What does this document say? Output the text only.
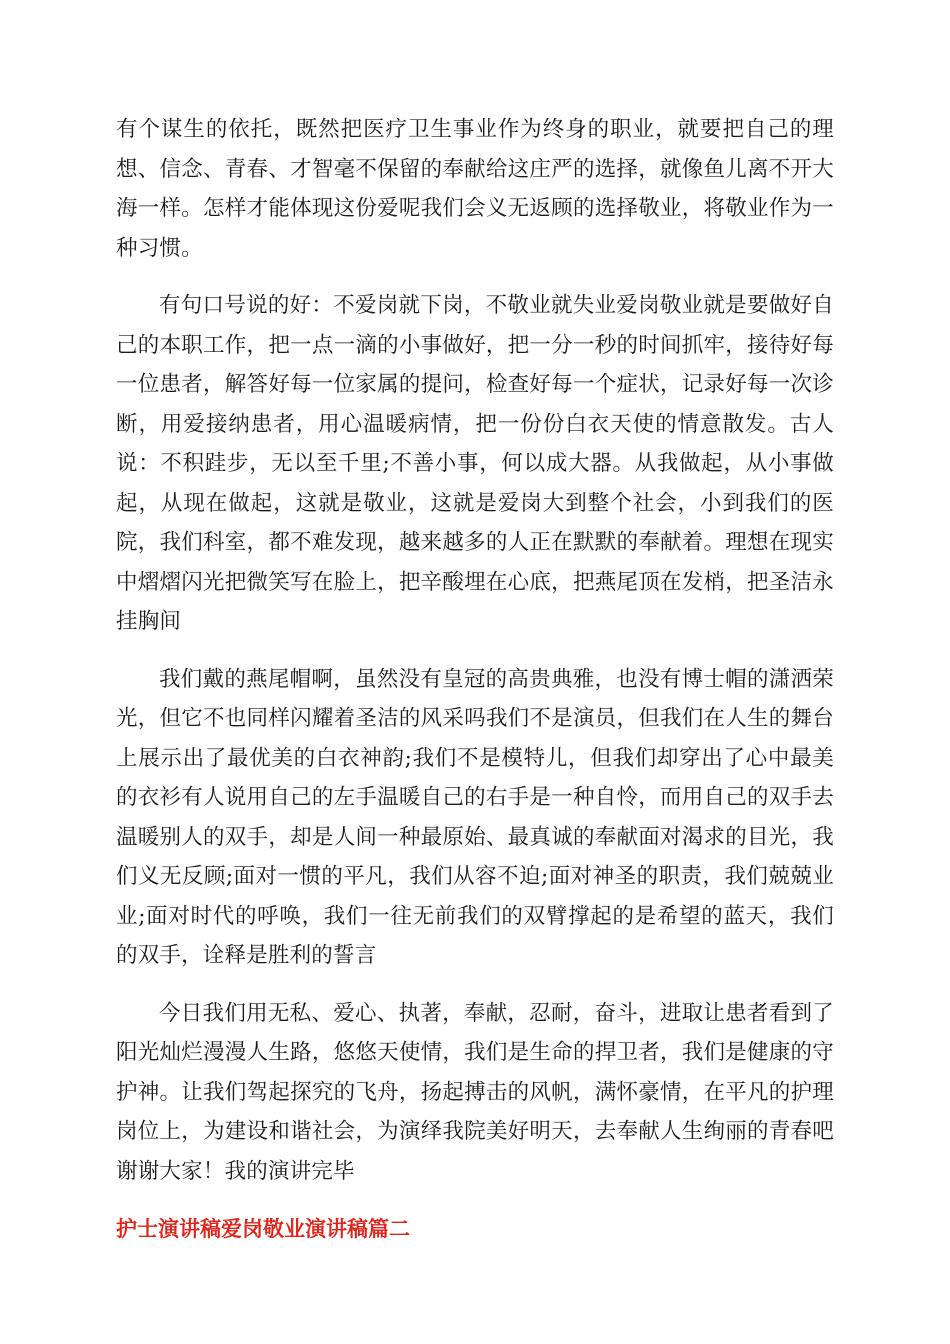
有个谋生的依托，既然把医疗卫生事业作为终身的职业，就要把自己的理想、信念、青春、才智毫不保留的奉献给这庄严的选择，就像鱼儿离不开大海一样。怎样才能体现这份爱呢我们会义无返顾的选择敬业，将敬业作为一种习惯。

有句口号说的好：不爱岗就下岗，不敬业就失业爱岗敬业就是要做好自己的本职工作，把一点一滴的小事做好，把一分一秒的时间抓牢，接待好每一位患者，解答好每一位家属的提问，检查好每一个症状，记录好每一次诊断，用爱接纳患者，用心温暖病情，把一份份白衣天使的情意散发。古人说：不积跬步，无以至千里;不善小事，何以成大器。从我做起，从小事做起，从现在做起，这就是敬业，这就是爱岗大到整个社会，小到我们的医院，我们科室，都不难发现，越来越多的人正在默默的奉献着。理想在现实中熠熠闪光把微笑写在脸上，把辛酸埋在心底，把燕尾顶在发梢，把圣洁永挂胸间

我们戴的燕尾帽啊，虽然没有皇冠的高贵典雅，也没有博士帽的潇洒荣光，但它不也同样闪耀着圣洁的风采吗我们不是演员，但我们在人生的舞台上展示出了最优美的白衣神韵;我们不是模特儿，但我们却穿出了心中最美的衣衫有人说用自己的左手温暖自己的右手是一种自怜，而用自己的双手去温暖别人的双手，却是人间一种最原始、最真诚的奉献面对渴求的目光，我们义无反顾;面对一惯的平凡，我们从容不迫;面对神圣的职责，我们兢兢业业;面对时代的呼唤，我们一往无前我们的双臂撑起的是希望的蓝天，我们的双手，诠释是胜利的誓言

今日我们用无私、爱心、执著，奉献，忍耐，奋斗，进取让患者看到了阳光灿烂漫漫人生路，悠悠天使情，我们是生命的捍卫者，我们是健康的守护神。让我们驾起探究的飞舟，扬起搏击的风帆，满怀豪情，在平凡的护理岗位上，为建设和谐社会，为演绎我院美好明天，去奉献人生绚丽的青春吧谢谢大家！我的演讲完毕

护士演讲稿爱岗敬业演讲稿篇二
